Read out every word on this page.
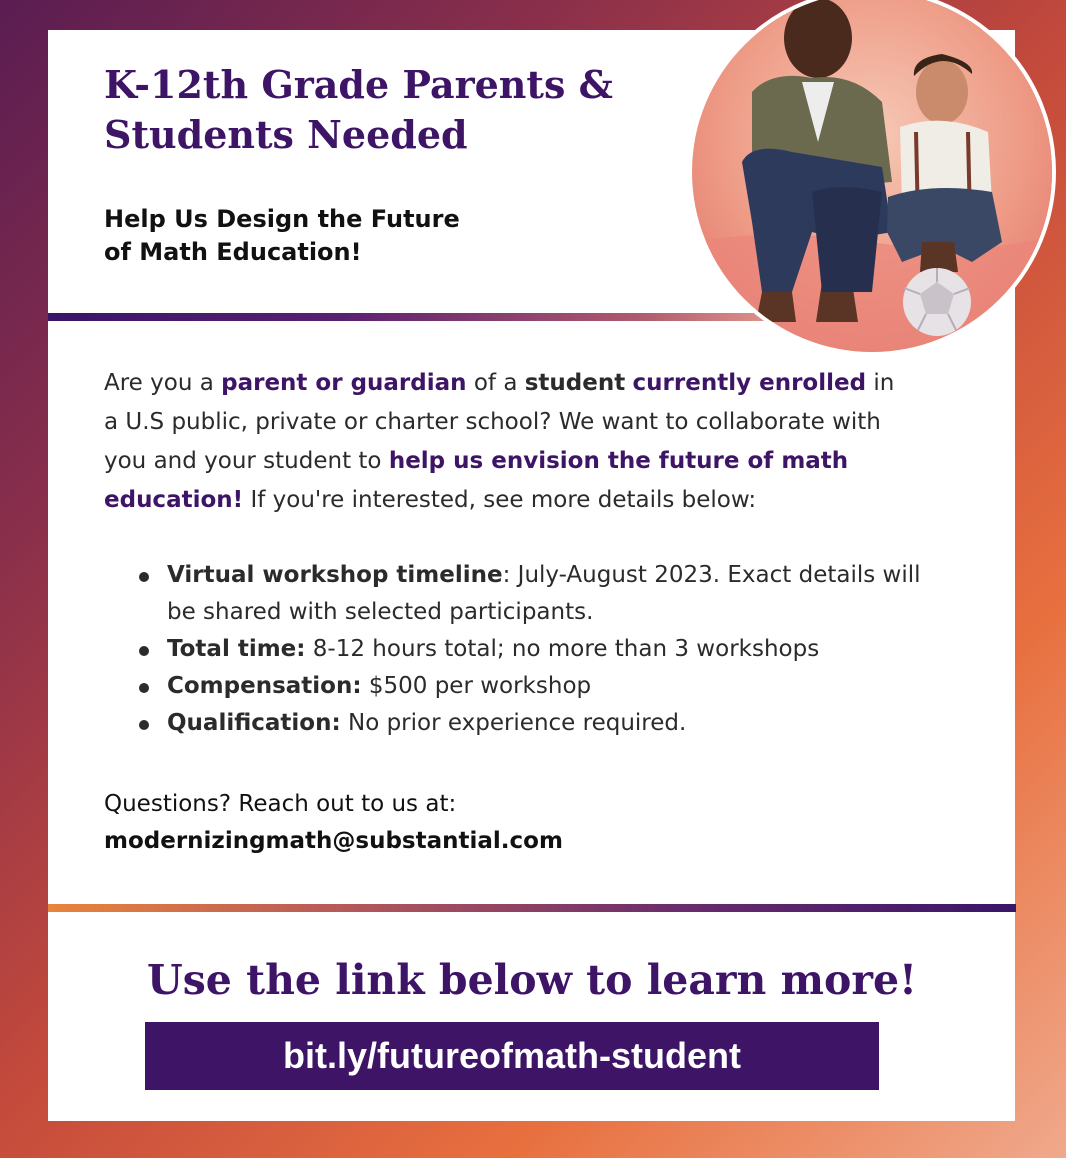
K-12th Grade Parents & Students Needed
Help Us Design the Future
of Math Education!
Are you a parent or guardian of a student currently enrolled in a U.S public, private or charter school? We want to collaborate with you and your student to help us envision the future of math education! If you're interested, see more details below:
Virtual workshop timeline: July-August 2023. Exact details will be shared with selected participants.
Total time: 8-12 hours total; no more than 3 workshops
Compensation: $500 per workshop
Qualification: No prior experience required.
Questions? Reach out to us at:
modernizingmath@substantial.com
Use the link below to learn more!
bit.ly/futureofmath-student
